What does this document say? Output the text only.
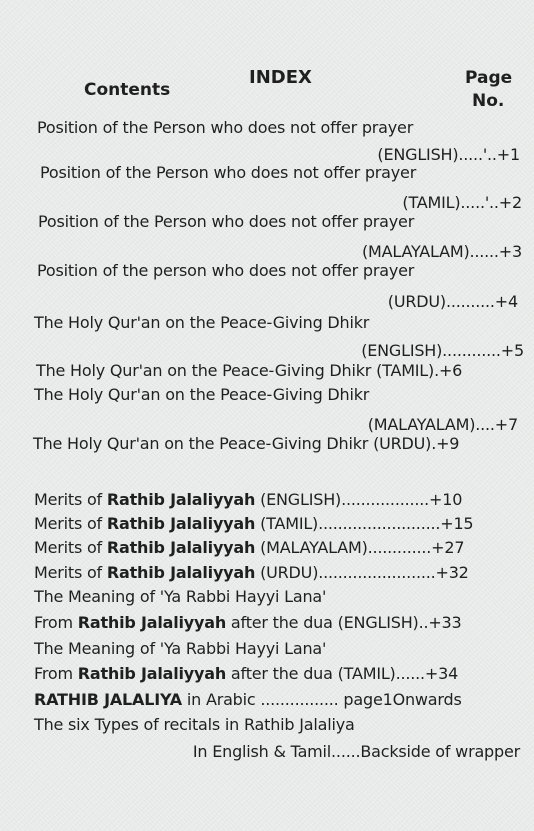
Contents
INDEX	Page
No.
Position of the Person who does not offer prayer
(ENGLISH).....'..+1
Position of the Person who does not offer prayer
(TAMIL).....'..+2
Position of the Person who does not offer prayer
(MALAYALAM)......+3
Position of the person who does not offer prayer
(URDU)..........+4
The Holy Qur'an on the Peace-Giving Dhikr
(ENGLISH)............+5
The Holy Qur'an on the Peace-Giving Dhikr (TAMIL).+6
The Holy Qur'an on the Peace-Giving Dhikr
(MALAYALAM)....+7
The Holy Qur'an on the Peace-Giving Dhikr (URDU).+9
Merits of Rathib Jalaliyyah (ENGLISH)..................+10
Merits of Rathib Jalaliyyah (TAMIL).........................+15
Merits of Rathib Jalaliyyah (MALAYALAM).............+27
Merits of Rathib Jalaliyyah (URDU)........................+32
The Meaning of 'Ya Rabbi Hayyi Lana'
From Rathib Jalaliyyah after the dua (ENGLISH)..+33
The Meaning of 'Ya Rabbi Hayyi Lana'
From Rathib Jalaliyyah after the dua (TAMIL)......+34
RATHIB JALALIYA in Arabic ................ page1Onwards
The six Types of recitals in Rathib Jalaliya
In English & Tamil......Backside of wrapper
